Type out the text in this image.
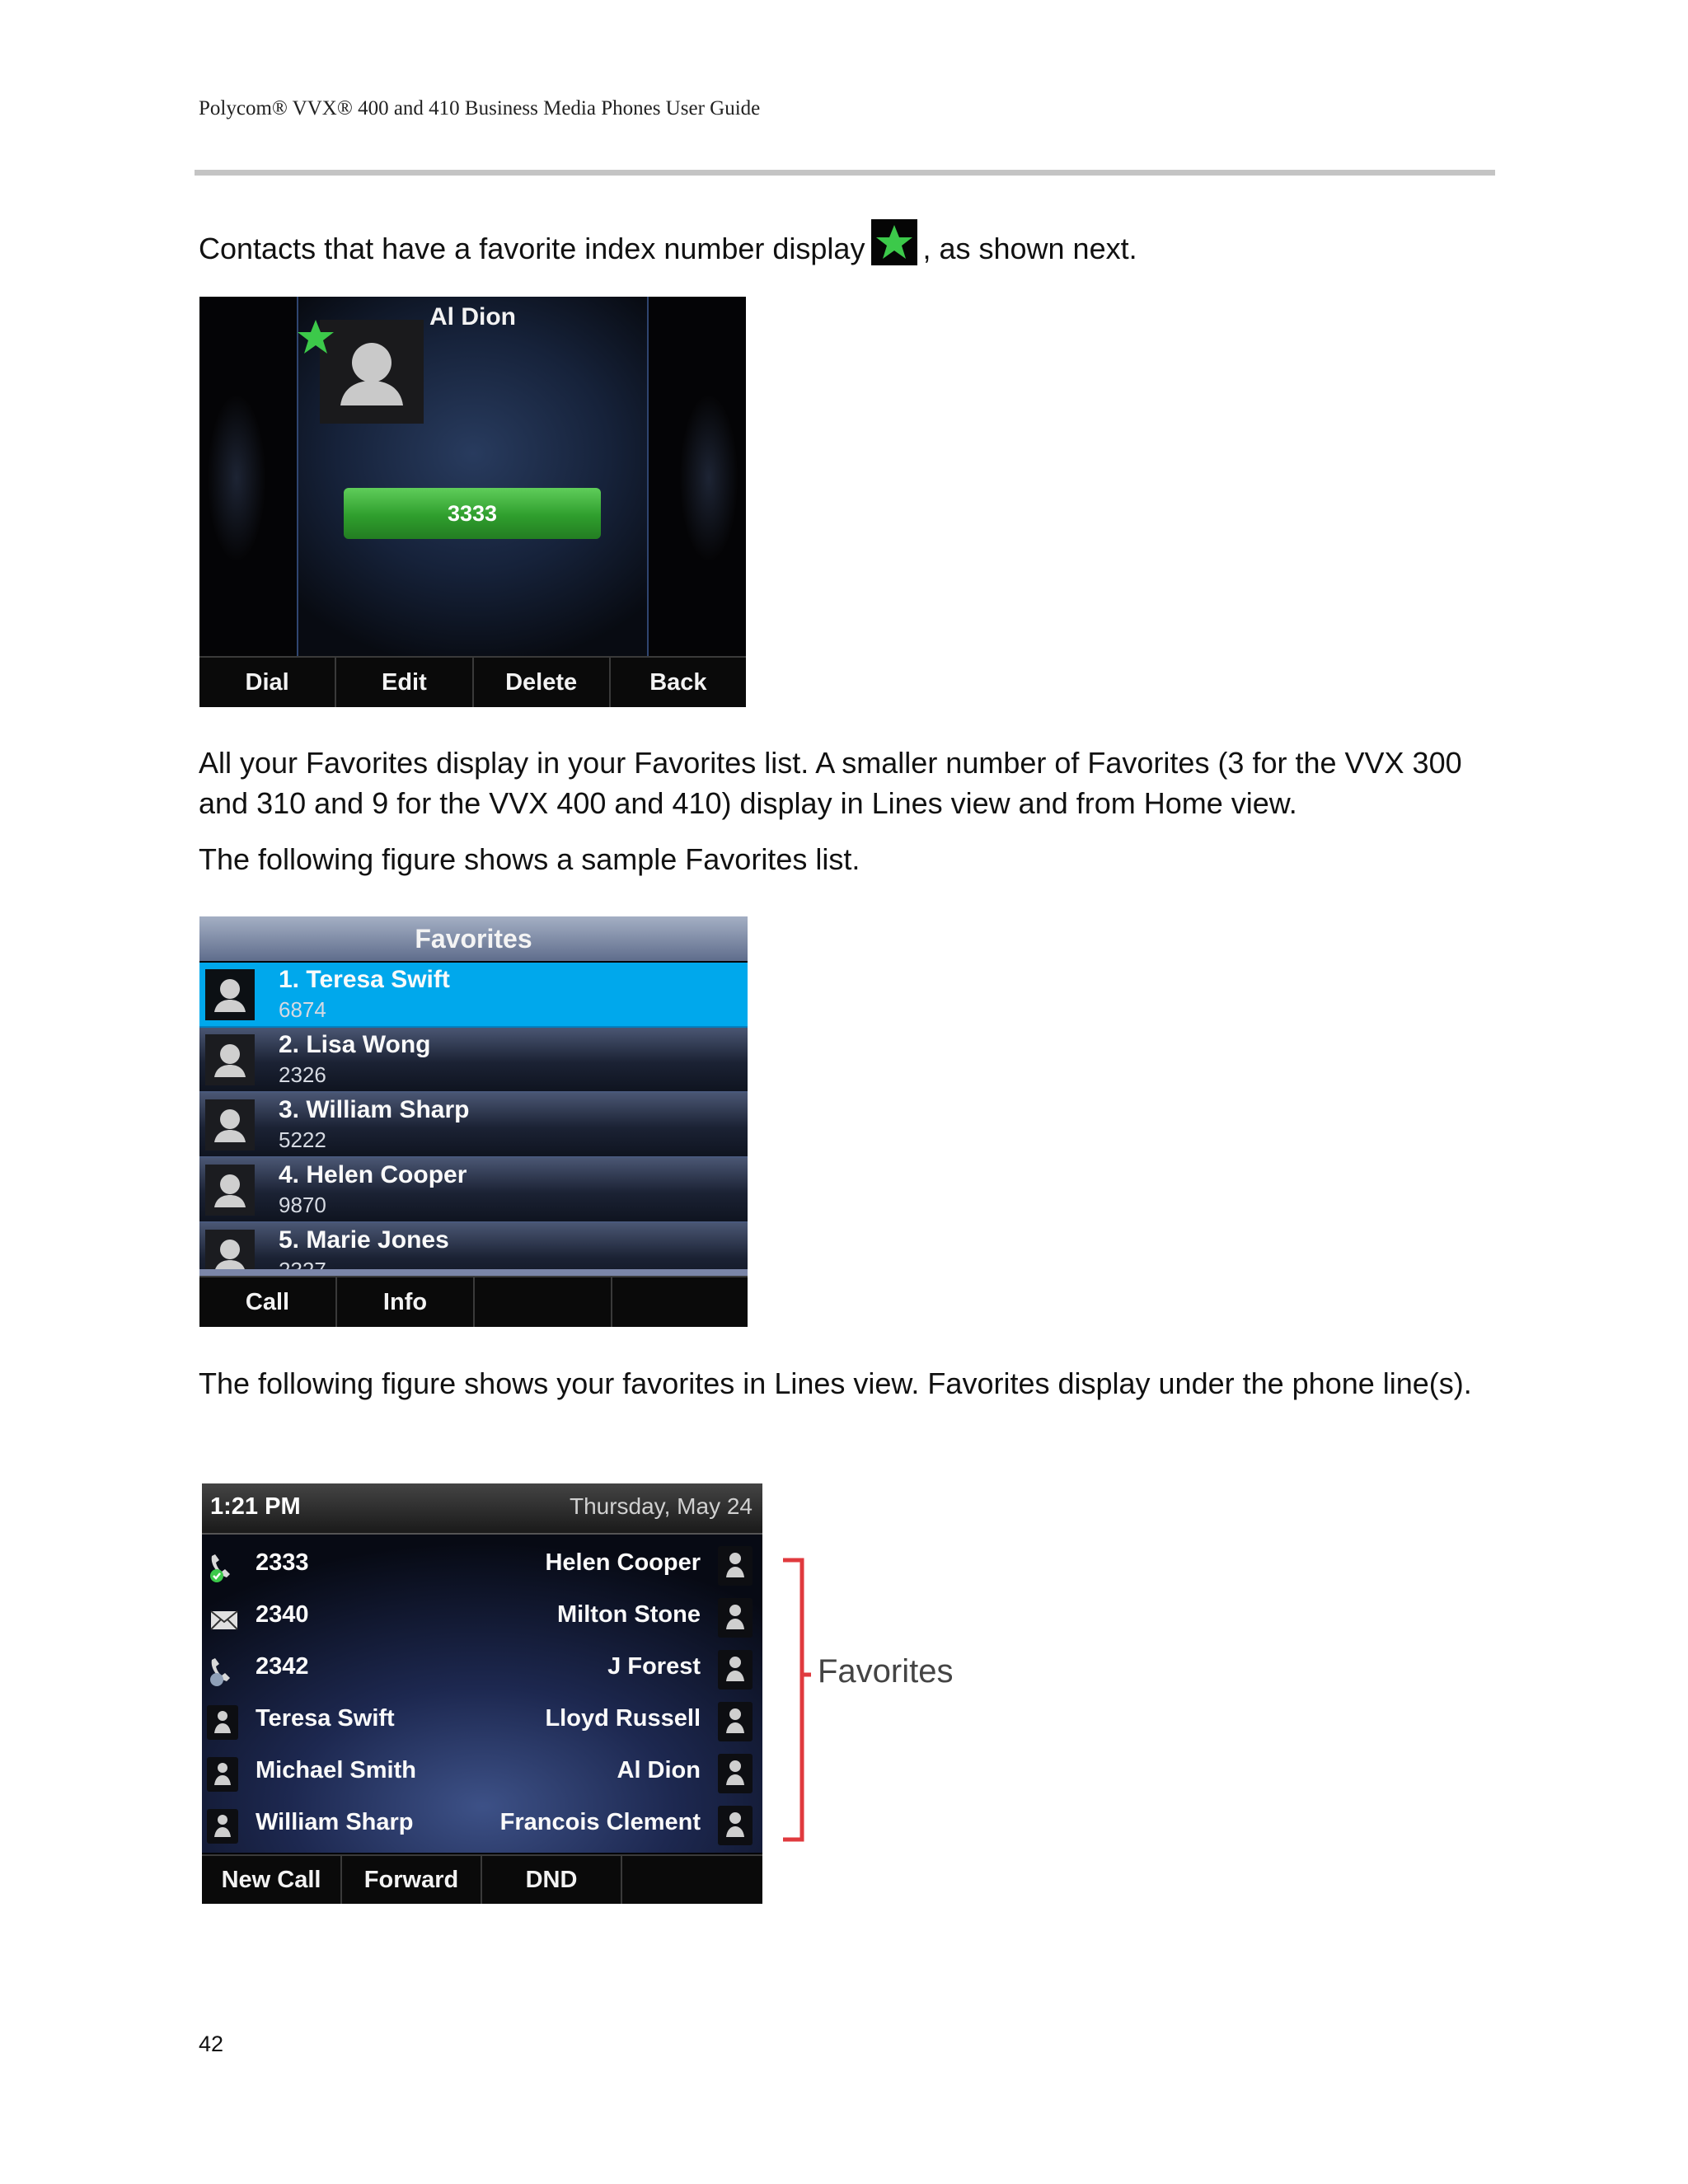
Polycom® VVX® 400 and 410 Business Media Phones User Guide

Contacts that have a favorite index number display , as shown next.

Al Dion
3333
Dial	Edit	Delete	Back

All your Favorites display in your Favorites list. A smaller number of Favorites (3 for the VVX 300 and 310 and 9 for the VVX 400 and 410) display in Lines view and from Home view.

The following figure shows a sample Favorites list.

Favorites
1. Teresa Swift
6874
2. Lisa Wong
2326
3. William Sharp
5222
4. Helen Cooper
9870
5. Marie Jones
Call	Info

The following figure shows your favorites in Lines view. Favorites display under the phone line(s).

1:21 PM	Thursday, May 24
2333	Helen Cooper
2340	Milton Stone
2342	J Forest
Teresa Swift	Lloyd Russell
Michael Smith	Al Dion
William Sharp	Francois Clement
New Call	Forward	DND
Favorites
42
